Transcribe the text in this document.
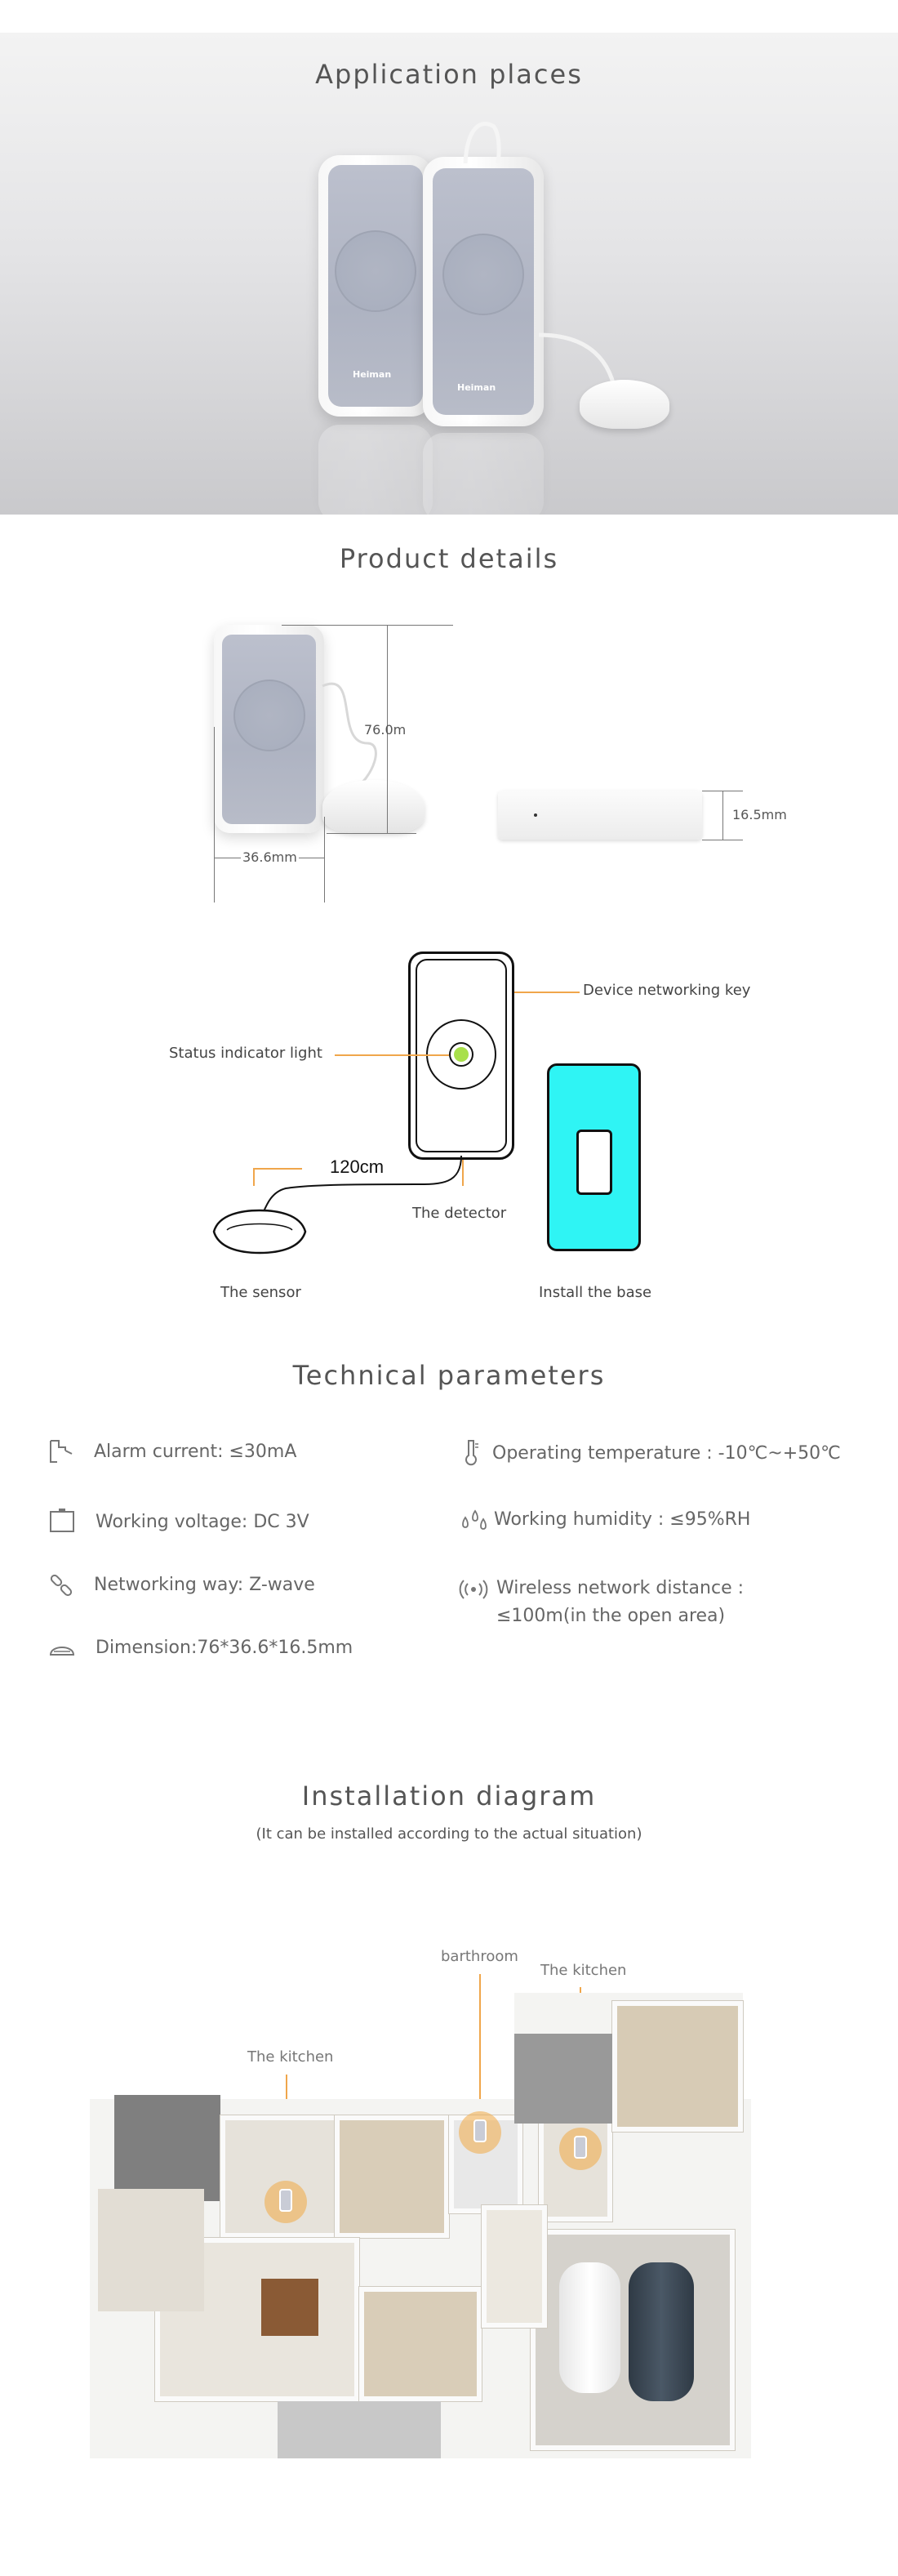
Application places
Heiman
Heiman
Product details
76.0m
36.6mm
16.5mm
Device networking key
Status indicator light
120cm
The detector
The sensor	Install the base
Technical parameters
Alarm current: ≤30mA
Working voltage: DC 3V
Networking way: Z-wave
Dimension:76*36.6*16.5mm
Operating temperature : -10℃~+50℃
Working humidity : ≤95%RH
Wireless network distance :
≤100m(in the open area)
Installation diagram
(It can be installed according to the actual situation)
barthroom
The kitchen
The kitchen
